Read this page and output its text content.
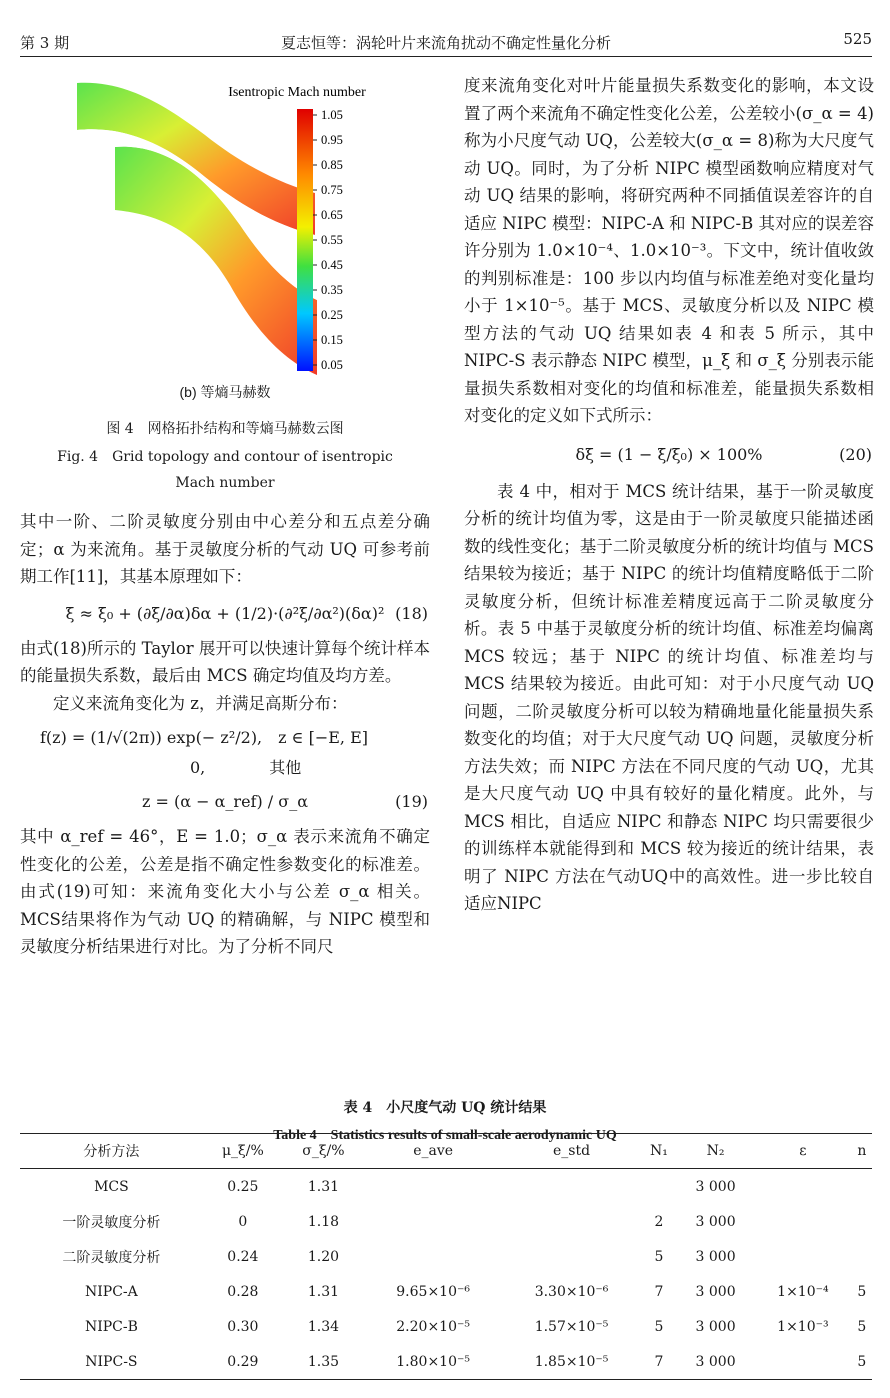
第 3 期	夏志恒等：涡轮叶片来流角扰动不确定性量化分析	525
Isentropic Mach number
1.05
0.95
0.85
0.75
0.65
0.55
0.45
0.35
0.25
0.15
0.05
(b) 等熵马赫数
图 4　网格拓扑结构和等熵马赫数云图
Fig. 4　Grid topology and contour of isentropic
Mach number

其中一阶、二阶灵敏度分别由中心差分和五点差分确定；α 为来流角。基于灵敏度分析的气动 UQ 可参考前期工作[11]，其基本原理如下：

ξ ≈ ξ₀ + (∂ξ/∂α)δα + (1/2)·(∂²ξ/∂α²)(δα)² (18)

由式(18)所示的 Taylor 展开可以快速计算每个统计样本的能量损失系数，最后由 MCS 确定均值及均方差。

定义来流角变化为 z，并满足高斯分布：

f(z) = (1/√(2π)) exp(− z²/2),　z ∈ [−E, E]
0,　　　　其他
z = (α − α_ref) / σ_α	(19)

其中 α_ref = 46°，E = 1.0；σ_α 表示来流角不确定性变化的公差，公差是指不确定性参数变化的标准差。由式(19)可知：来流角变化大小与公差 σ_α 相关。MCS结果将作为气动 UQ 的精确解，与 NIPC 模型和灵敏度分析结果进行对比。为了分析不同尺

度来流角变化对叶片能量损失系数变化的影响，本文设置了两个来流角不确定性变化公差，公差较小(σ_α = 4)称为小尺度气动 UQ，公差较大(σ_α = 8)称为大尺度气动 UQ。同时，为了分析 NIPC 模型函数响应精度对气动 UQ 结果的影响，将研究两种不同插值误差容许的自适应 NIPC 模型：NIPC-A 和 NIPC-B 其对应的误差容许分别为 1.0×10⁻⁴、1.0×10⁻³。下文中，统计值收敛的判别标准是：100 步以内均值与标准差绝对变化量均小于 1×10⁻⁵。基于 MCS、灵敏度分析以及 NIPC 模型方法的气动 UQ 结果如表 4 和表 5 所示，其中 NIPC-S 表示静态 NIPC 模型，μ_ξ 和 σ_ξ 分别表示能量损失系数相对变化的均值和标准差，能量损失系数相对变化的定义如下式所示：

δξ = (1 − ξ/ξ₀) × 100%	(20)

表 4 中，相对于 MCS 统计结果，基于一阶灵敏度分析的统计均值为零，这是由于一阶灵敏度只能描述函数的线性变化；基于二阶灵敏度分析的统计均值与 MCS 结果较为接近；基于 NIPC 的统计均值精度略低于二阶灵敏度分析，但统计标准差精度远高于二阶灵敏度分析。表 5 中基于灵敏度分析的统计均值、标准差均偏离 MCS 较远；基于 NIPC 的统计均值、标准差均与 MCS 结果较为接近。由此可知：对于小尺度气动 UQ 问题，二阶灵敏度分析可以较为精确地量化能量损失系数变化的均值；对于大尺度气动 UQ 问题，灵敏度分析方法失效；而 NIPC 方法在不同尺度的气动 UQ，尤其是大尺度气动 UQ 中具有较好的量化精度。此外，与 MCS 相比，自适应 NIPC 和静态 NIPC 均只需要很少的训练样本就能得到和 MCS 较为接近的统计结果，表明了 NIPC 方法在气动UQ中的高效性。进一步比较自适应NIPC

表 4　小尺度气动 UQ 统计结果
Table 4　Statistics results of small-scale aerodynamic UQ
分析方法	μ_ξ/%	σ_ξ/%	e_ave	e_std	N₁	N₂	ε	n
MCS	0.25	1.31				3 000		
一阶灵敏度分析	0	1.18			2	3 000		
二阶灵敏度分析	0.24	1.20			5	3 000		
NIPC-A	0.28	1.31	9.65×10⁻⁶	3.30×10⁻⁶	7	3 000	1×10⁻⁴	5
NIPC-B	0.30	1.34	2.20×10⁻⁵	1.57×10⁻⁵	5	3 000	1×10⁻³	5
NIPC-S	0.29	1.35	1.80×10⁻⁵	1.85×10⁻⁵	7	3 000		5
